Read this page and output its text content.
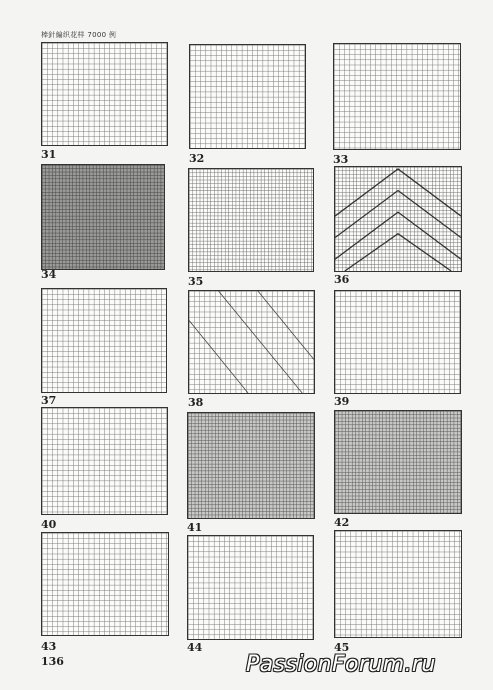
棒針編织花样 7000 例
31	32	33
34
35	36
37	38	39
40	41	42
43	44	45
136	PassionForum.ru
